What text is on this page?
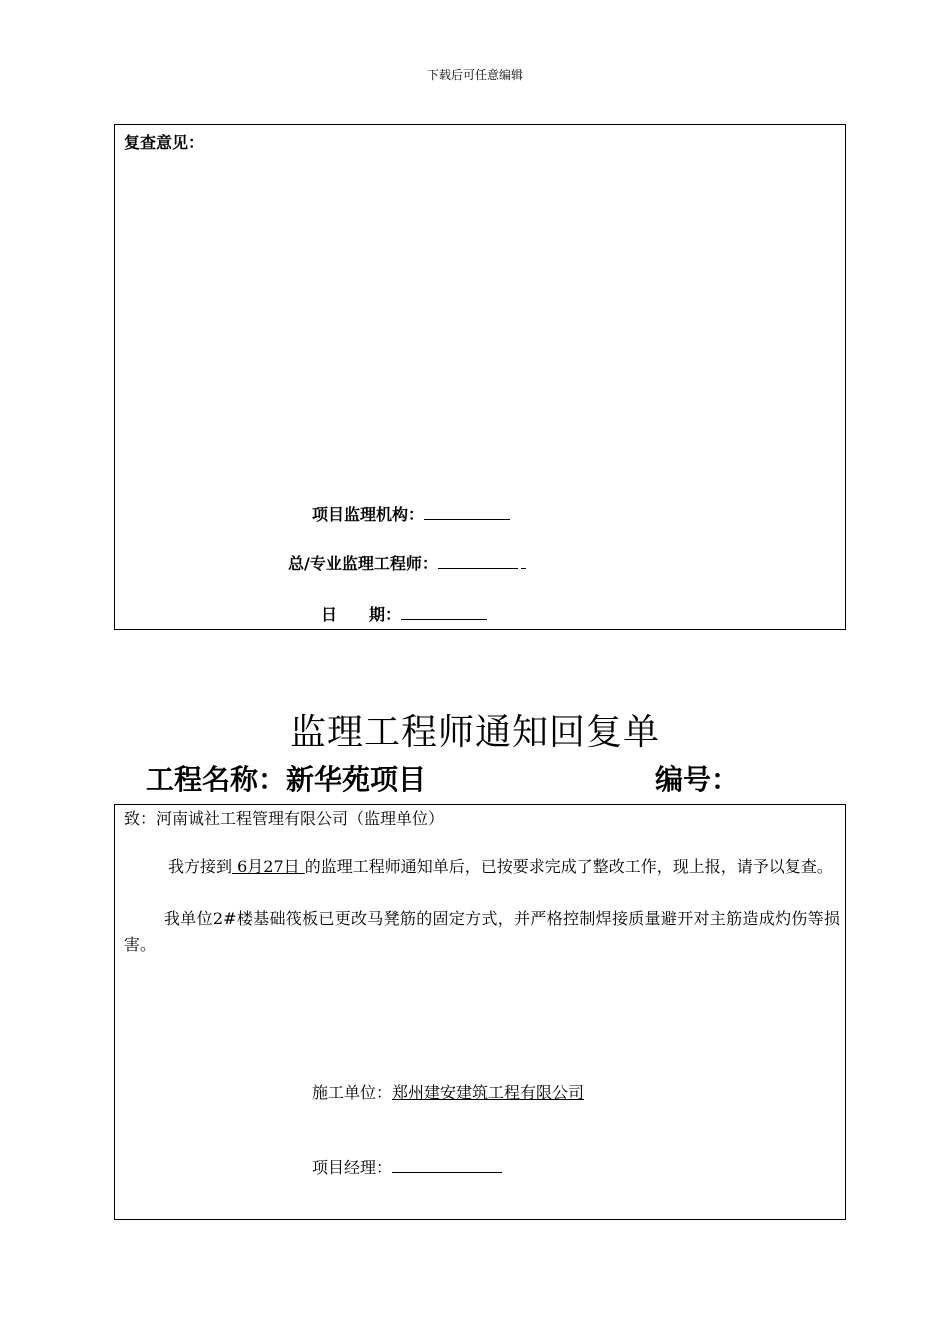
下载后可任意编辑
复查意见：
项目监理机构：
总/专业监理工程师：
日　　期：
监理工程师通知回复单
工程名称：新华苑项目	编号：
致：河南诚社工程管理有限公司（监理单位）
我方接到 6月27日 的监理工程师通知单后，已按要求完成了整改工作，现上报，请予以复查。
我单位2#楼基础筏板已更改马凳筋的固定方式，并严格控制焊接质量避开对主筋造成灼伤等损害。
施工单位：郑州建安建筑工程有限公司
项目经理：
